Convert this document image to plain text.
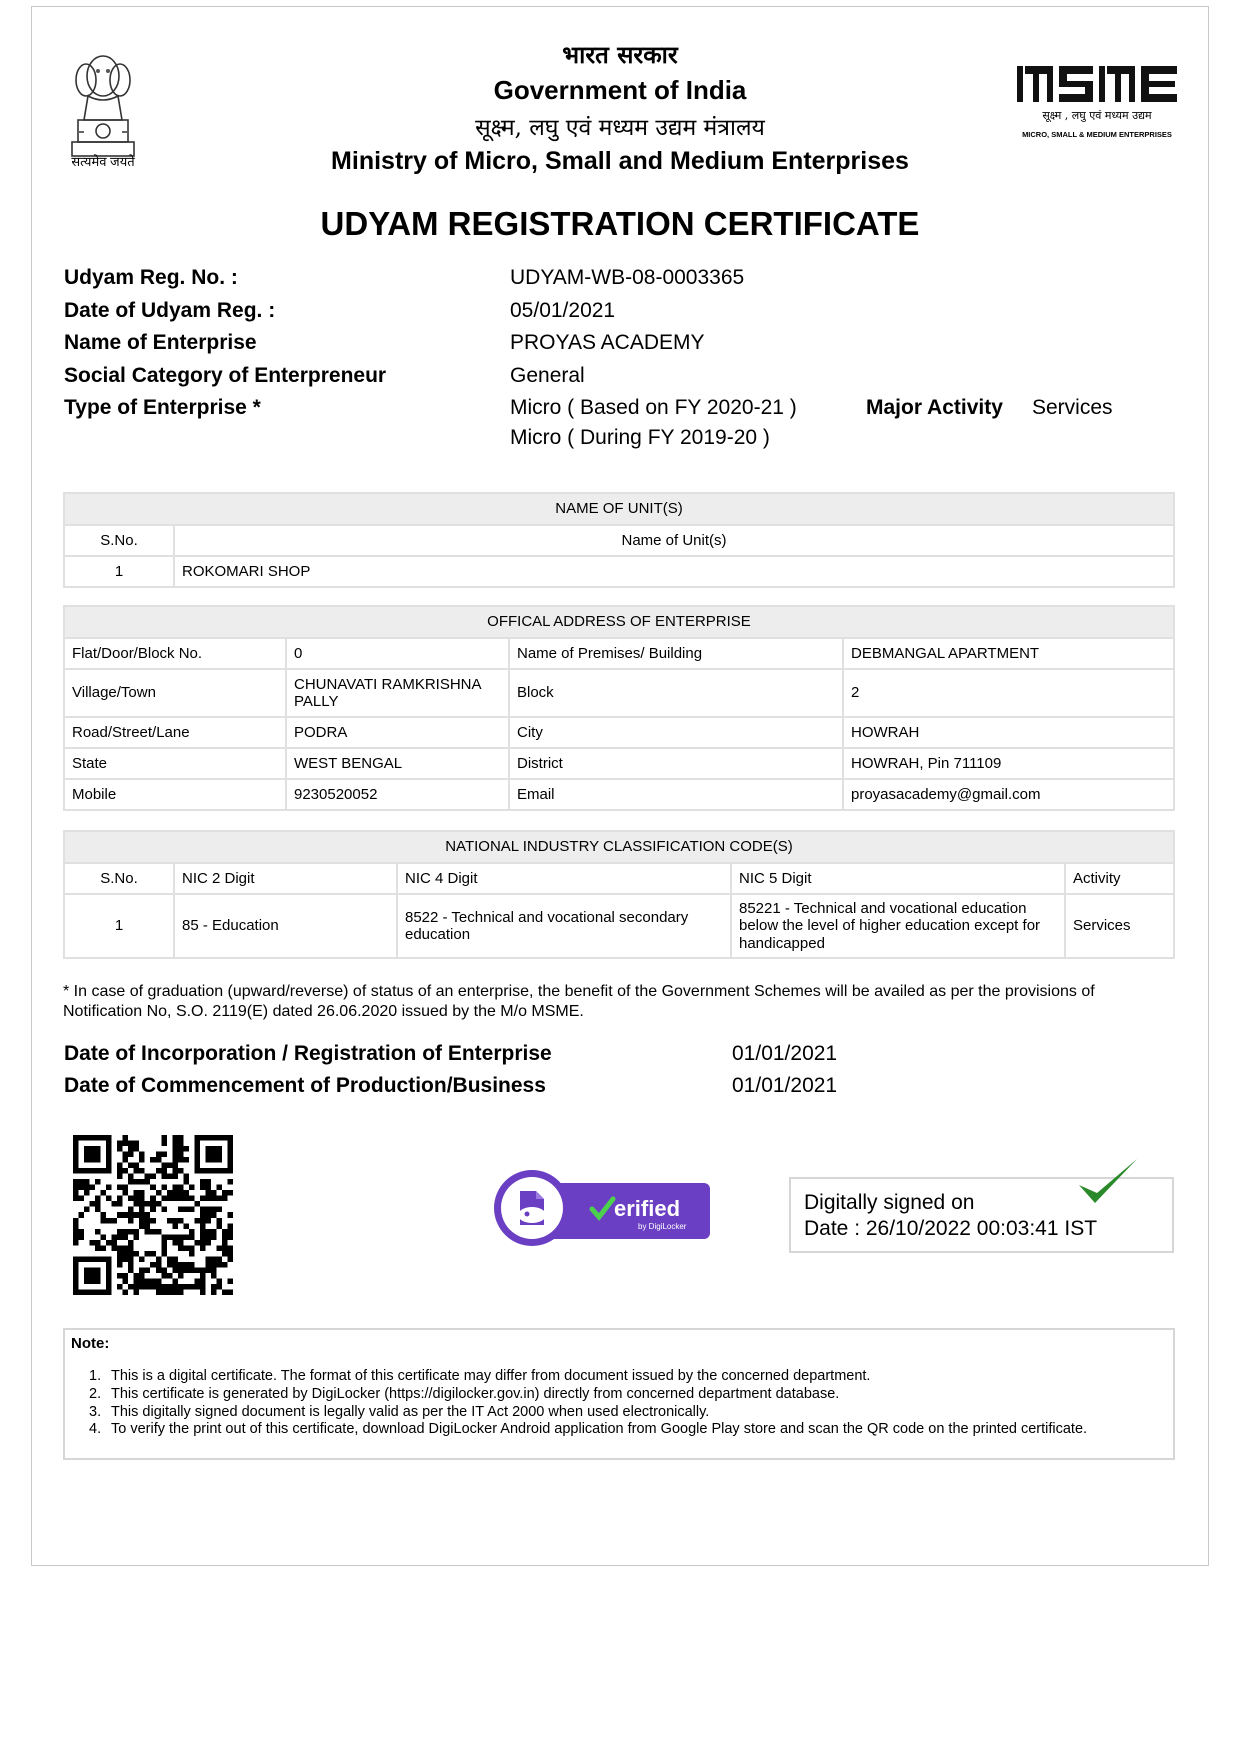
सत्यमेव जयते
भारत सरकार
Government of India
सूक्ष्म, लघु एवं मध्यम उद्यम मंत्रालय
Ministry of Micro, Small and Medium Enterprises
MSME
सूक्ष्म , लघु एवं मध्यम उद्यम
MICRO, SMALL & MEDIUM ENTERPRISES
UDYAM REGISTRATION CERTIFICATE
Udyam Reg. No. :	UDYAM-WB-08-0003365
Date of Udyam Reg. :	05/01/2021
Name of Enterprise	PROYAS ACADEMY
Social Category of Enterpreneur	General
Type of Enterprise *	Micro ( Based on FY 2020-21 )
Micro ( During FY 2019-20 )
Major Activity Services
NAME OF UNIT(S)	
S.No.	Name of Unit(s)
1	ROKOMARI SHOP
OFFICAL ADDRESS OF ENTERPRISE			
Flat/Door/Block No.	0	Name of Premises/ Building	DEBMANGAL APARTMENT
Village/Town	CHUNAVATI RAMKRISHNA PALLY	Block	2
Road/Street/Lane	PODRA	City	HOWRAH
State	WEST BENGAL	District	HOWRAH, Pin 711109
Mobile	9230520052	Email	proyasacademy@gmail.com
NATIONAL INDUSTRY CLASSIFICATION CODE(S)				
S.No.	NIC 2 Digit	NIC 4 Digit	NIC 5 Digit	Activity
1	85 - Education	8522 - Technical and vocational secondary education	85221 - Technical and vocational education below the level of higher education except for handicapped	Services
* In case of graduation (upward/reverse) of status of an enterprise, the benefit of the Government Schemes will be availed as per the provisions of Notification No, S.O. 2119(E) dated 26.06.2020 issued by the M/o MSME.
Date of Incorporation / Registration of Enterprise	01/01/2021
Date of Commencement of Production/Business	01/01/2021
erified
by DigiLocker
Digitally signed on
Date : 26/10/2022 00:03:41 IST
Note:
1. This is a digital certificate. The format of this certificate may differ from document issued by the concerned department.
2. This certificate is generated by DigiLocker (https://digilocker.gov.in) directly from concerned department database.
3. This digitally signed document is legally valid as per the IT Act 2000 when used electronically.
4. To verify the print out of this certificate, download DigiLocker Android application from Google Play store and scan the QR code on the printed certificate.
